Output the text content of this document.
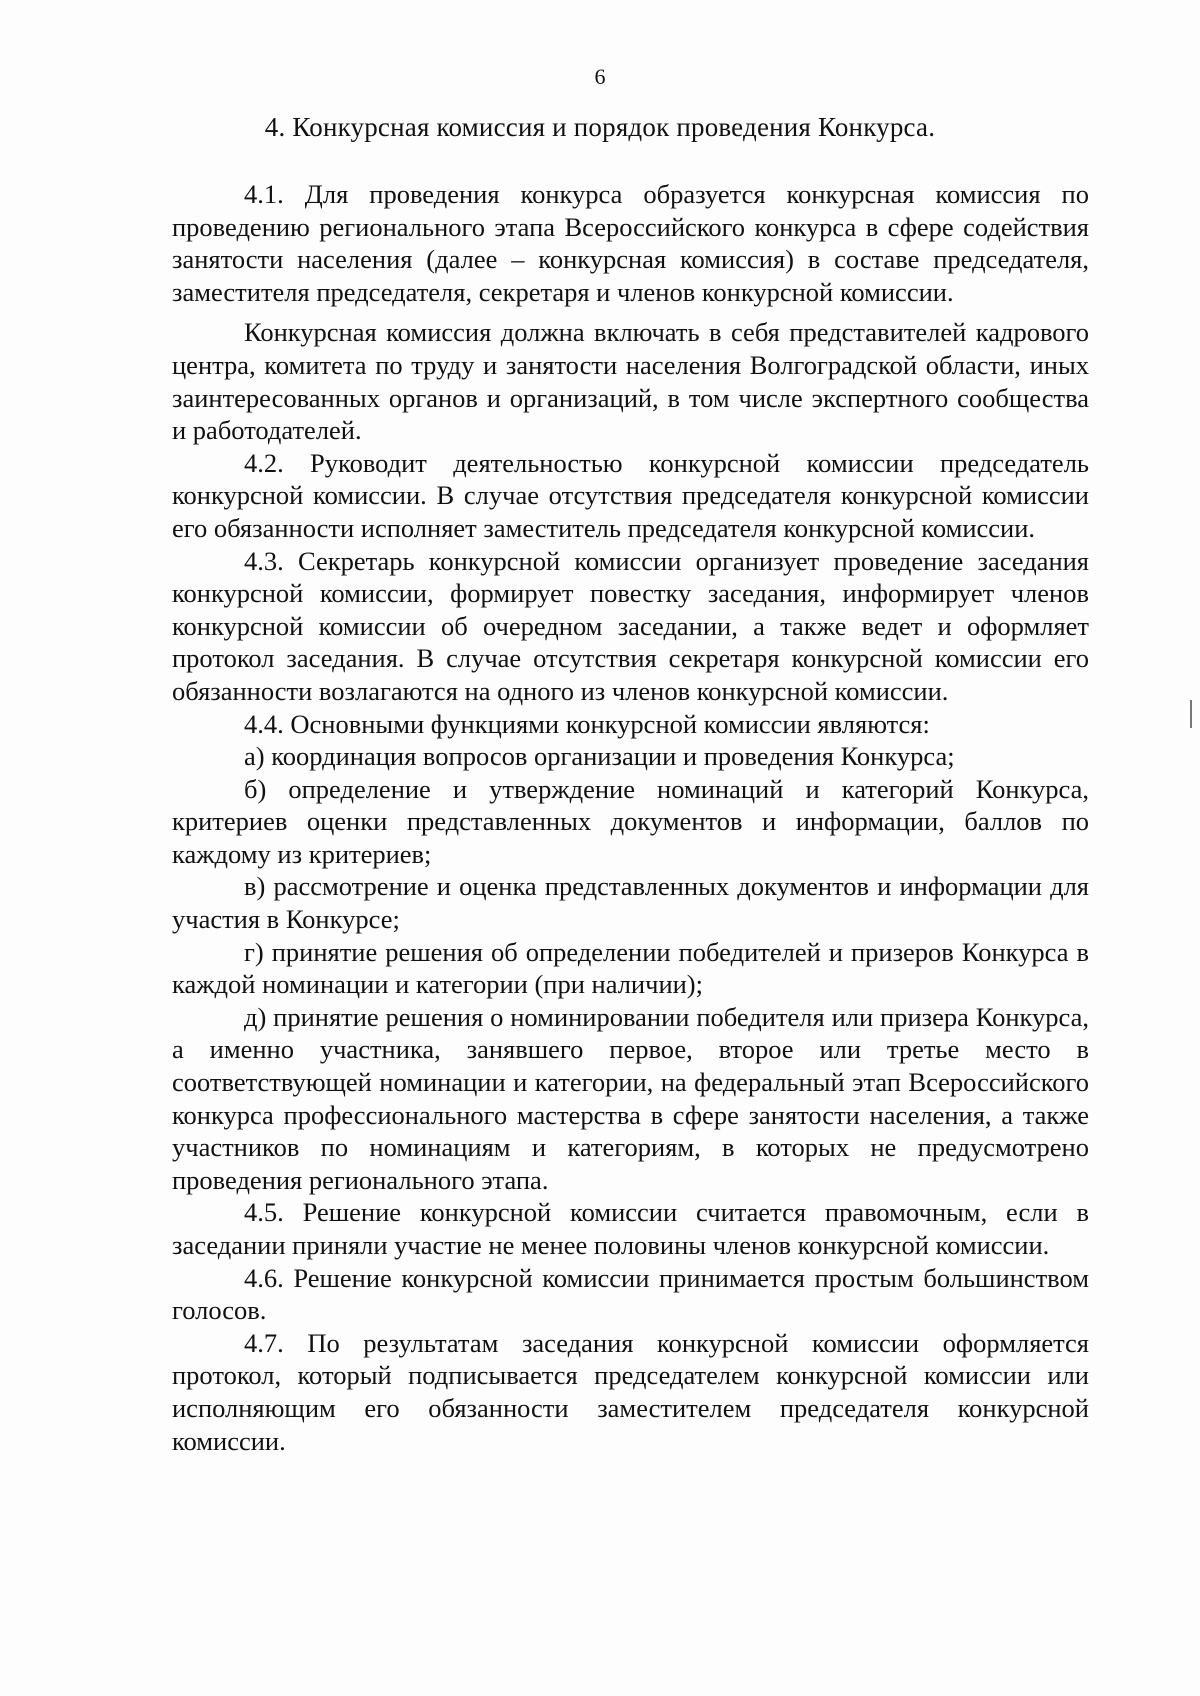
6
4. Конкурсная комиссия и порядок проведения Конкурса.

4.1. Для проведения конкурса образуется конкурсная комиссия по проведению регионального этапа Всероссийского конкурса в сфере содействия занятости населения (далее – конкурсная комиссия) в составе председателя, заместителя председателя, секретаря и членов конкурсной комиссии.

Конкурсная комиссия должна включать в себя представителей кадрового центра, комитета по труду и занятости населения Волгоградской области, иных заинтересованных органов и организаций, в том числе экспертного сообщества и работодателей.

4.2. Руководит деятельностью конкурсной комиссии председатель конкурсной комиссии. В случае отсутствия председателя конкурсной комиссии его обязанности исполняет заместитель председателя конкурсной комиссии.

4.3. Секретарь конкурсной комиссии организует проведение заседания конкурсной комиссии, формирует повестку заседания, информирует членов конкурсной комиссии об очередном заседании, а также ведет и оформляет протокол заседания. В случае отсутствия секретаря конкурсной комиссии его обязанности возлагаются на одного из членов конкурсной комиссии.

4.4. Основными функциями конкурсной комиссии являются:

а) координация вопросов организации и проведения Конкурса;

б) определение и утверждение номинаций и категорий Конкурса, критериев оценки представленных документов и информации, баллов по каждому из критериев;

в) рассмотрение и оценка представленных документов и информации для участия в Конкурсе;

г) принятие решения об определении победителей и призеров Конкурса в каждой номинации и категории (при наличии);

д) принятие решения о номинировании победителя или призера Конкурса, а именно участника, занявшего первое, второе или третье место в соответствующей номинации и категории, на федеральный этап Всероссийского конкурса профессионального мастерства в сфере занятости населения, а также участников по номинациям и категориям, в которых не предусмотрено проведения регионального этапа.

4.5. Решение конкурсной комиссии считается правомочным, если в заседании приняли участие не менее половины членов конкурсной комиссии.

4.6. Решение конкурсной комиссии принимается простым большинством голосов.

4.7. По результатам заседания конкурсной комиссии оформляется протокол, который подписывается председателем конкурсной комиссии или исполняющим его обязанности заместителем председателя конкурсной комиссии.
